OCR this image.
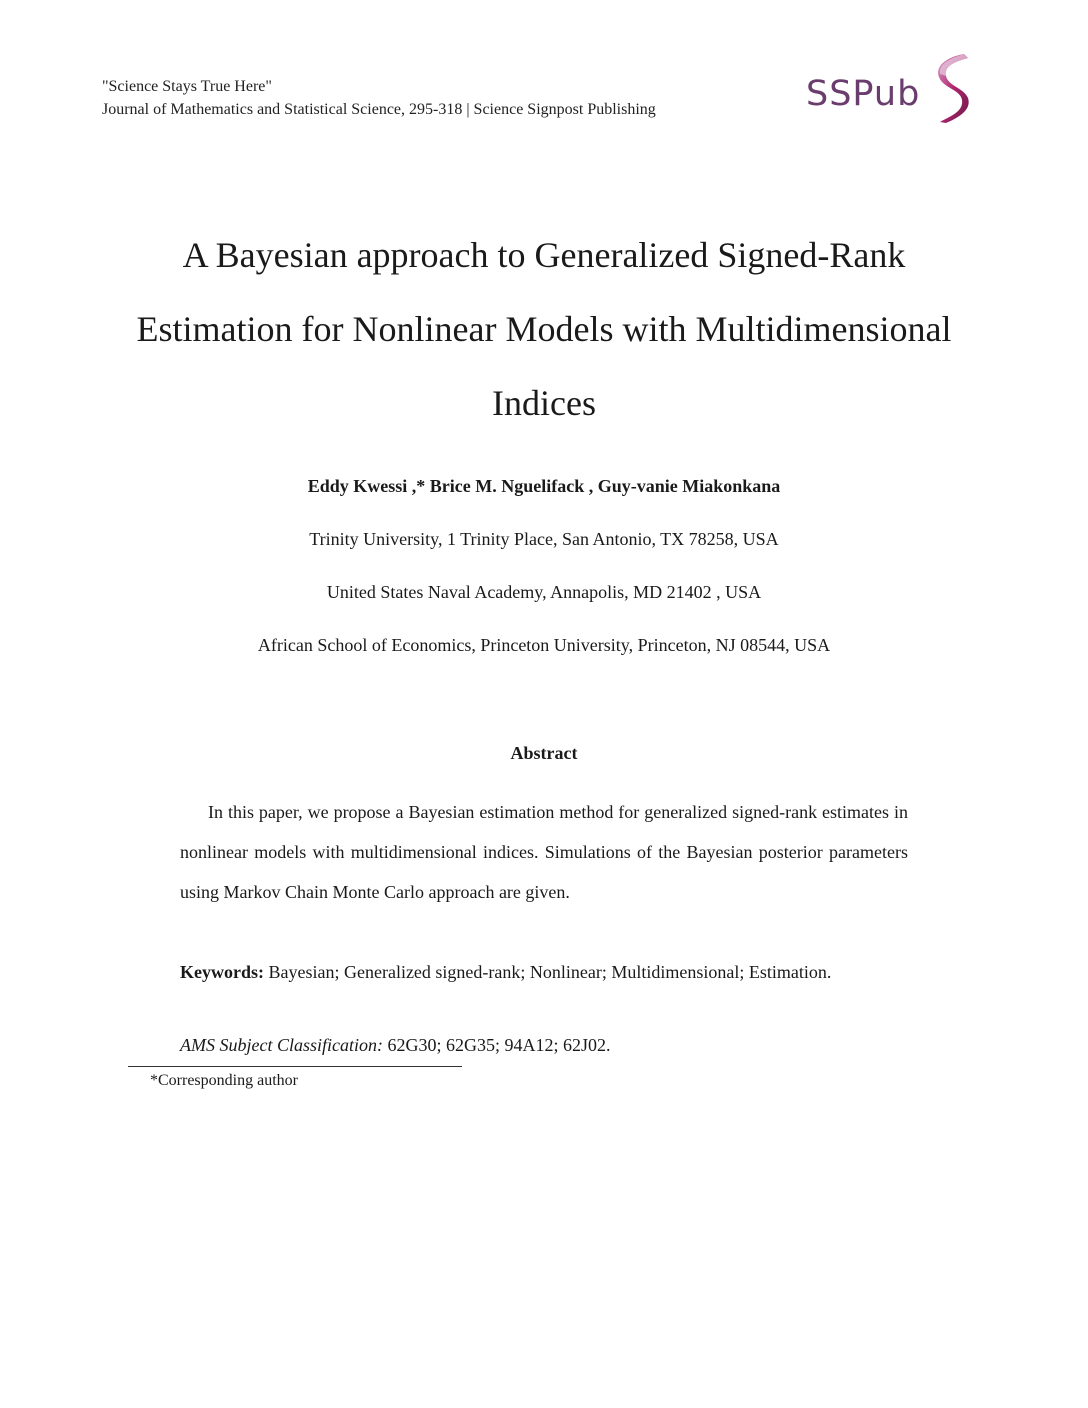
"Science Stays True Here"
Journal of Mathematics and Statistical Science, 295-318 | Science Signpost Publishing	SSPub
A Bayesian approach to Generalized Signed-Rank
Estimation for Nonlinear Models with Multidimensional
Indices
Eddy Kwessi ,* Brice M. Nguelifack , Guy-vanie Miakonkana
Trinity University, 1 Trinity Place, San Antonio, TX 78258, USA
United States Naval Academy, Annapolis, MD 21402 , USA
African School of Economics, Princeton University, Princeton, NJ 08544, USA
Abstract
In this paper, we propose a Bayesian estimation method for generalized signed-rank estimates in nonlinear models with multidimensional indices. Simulations of the Bayesian posterior parameters using Markov Chain Monte Carlo approach are given.
Keywords: Bayesian; Generalized signed-rank; Nonlinear; Multidimensional; Estimation.
AMS Subject Classification: 62G30; 62G35; 94A12; 62J02.
*Corresponding author
